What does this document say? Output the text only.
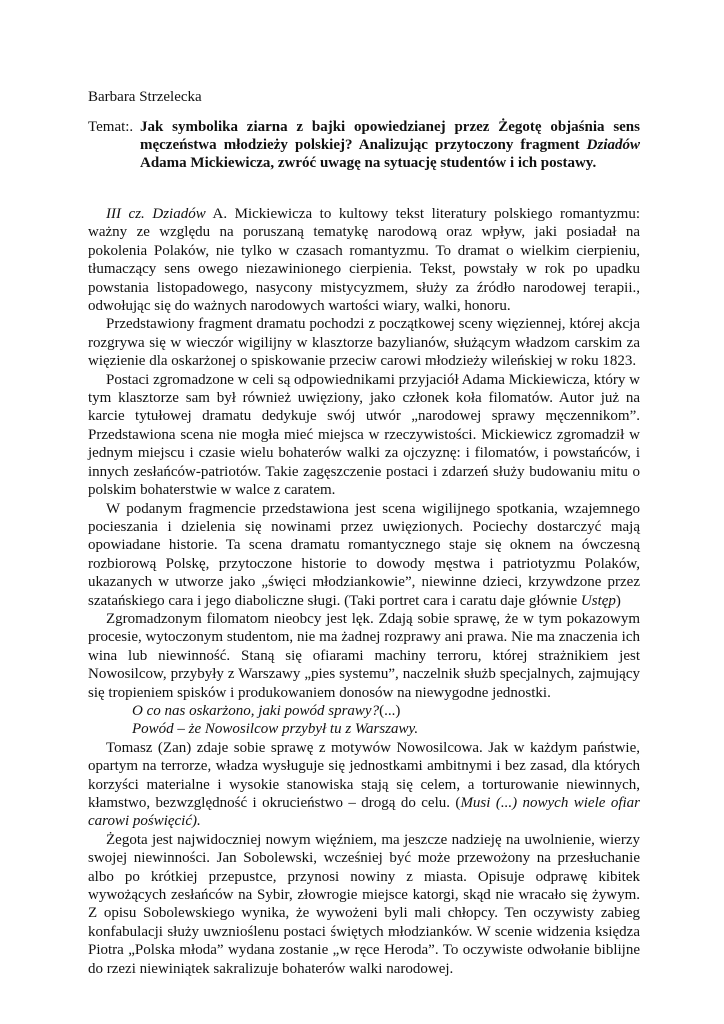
Barbara Strzelecka

Temat:. Jak symbolika ziarna z bajki opowiedzianej przez Żegotę objaśnia sens męczeństwa młodzieży polskiej? Analizując przytoczony fragment Dziadów Adama Mickiewicza, zwróć uwagę na sytuację studentów i ich postawy.

III cz. Dziadów A. Mickiewicza to kultowy tekst literatury polskiego romantyzmu: ważny ze względu na poruszaną tematykę narodową oraz wpływ, jaki posiadał na pokolenia Polaków, nie tylko w czasach romantyzmu. To dramat o wielkim cierpieniu, tłumaczący sens owego niezawinionego cierpienia. Tekst, powstały w rok po upadku powstania listopadowego, nasycony mistycyzmem, służy za źródło narodowej terapii., odwołując się do ważnych narodowych wartości wiary, walki, honoru.

Przedstawiony fragment dramatu pochodzi z początkowej sceny więziennej, której akcja rozgrywa się w wieczór wigilijny w klasztorze bazylianów, służącym władzom carskim za więzienie dla oskarżonej o spiskowanie przeciw carowi młodzieży wileńskiej w roku 1823.

Postaci zgromadzone w celi są odpowiednikami przyjaciół Adama Mickiewicza, który w tym klasztorze sam był również uwięziony, jako członek koła filomatów. Autor już na karcie tytułowej dramatu dedykuje swój utwór „narodowej sprawy męczennikom”. Przedstawiona scena nie mogła mieć miejsca w rzeczywistości. Mickiewicz zgromadził w jednym miejscu i czasie wielu bohaterów walki za ojczyznę: i filomatów, i powstańców, i innych zesłańców-patriotów. Takie zagęszczenie postaci i zdarzeń służy budowaniu mitu o polskim bohaterstwie w walce z caratem.

W podanym fragmencie przedstawiona jest scena wigilijnego spotkania, wzajemnego pocieszania i dzielenia się nowinami przez uwięzionych. Pociechy dostarczyć mają opowiadane historie. Ta scena dramatu romantycznego staje się oknem na ówczesną rozbiorową Polskę, przytoczone historie to dowody męstwa i patriotyzmu Polaków, ukazanych w utworze jako „święci młodziankowie”, niewinne dzieci, krzywdzone przez szatańskiego cara i jego diaboliczne sługi. (Taki portret cara i caratu daje głównie Ustęp)

Zgromadzonym filomatom nieobcy jest lęk. Zdają sobie sprawę, że w tym pokazowym procesie, wytoczonym studentom, nie ma żadnej rozprawy ani prawa. Nie ma znaczenia ich wina lub niewinność. Staną się ofiarami machiny terroru, której strażnikiem jest Nowosilcow, przybyły z Warszawy „pies systemu”, naczelnik służb specjalnych, zajmujący się tropieniem spisków i produkowaniem donosów na niewygodne jednostki.

O co nas oskarżono, jaki powód sprawy?(...)

Powód – że Nowosilcow przybył tu z Warszawy.

Tomasz (Zan) zdaje sobie sprawę z motywów Nowosilcowa. Jak w każdym państwie, opartym na terrorze, władza wysługuje się jednostkami ambitnymi i bez zasad, dla których korzyści materialne i wysokie stanowiska stają się celem, a torturowanie niewinnych, kłamstwo, bezwzględność i okrucieństwo – drogą do celu. (Musi (...) nowych wiele ofiar carowi poświęcić).

Żegota jest najwidoczniej nowym więźniem, ma jeszcze nadzieję na uwolnienie, wierzy swojej niewinności. Jan Sobolewski, wcześniej być może przewożony na przesłuchanie albo po krótkiej przepustce, przynosi nowiny z miasta. Opisuje odprawę kibitek wywożących zesłańców na Sybir, złowrogie miejsce katorgi, skąd nie wracało się żywym. Z opisu Sobolewskiego wynika, że wywożeni byli mali chłopcy. Ten oczywisty zabieg konfabulacji służy uwznioślenu postaci świętych młodzianków. W scenie widzenia księdza Piotra „Polska młoda” wydana zostanie „w ręce Heroda”. To oczywiste odwołanie biblijne do rzezi niewiniątek sakralizuje bohaterów walki narodowej.
